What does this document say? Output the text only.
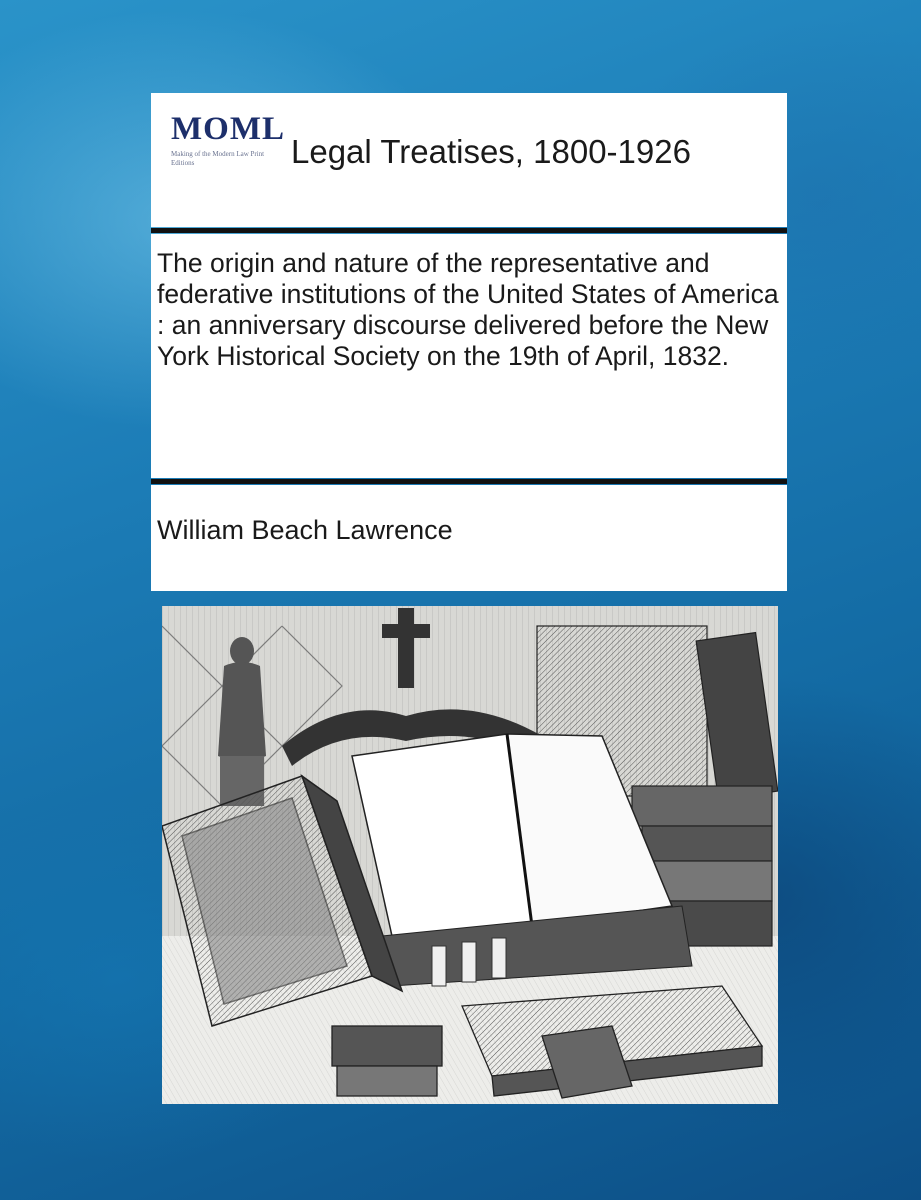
MOML
Making of the Modern Law Print Editions	Legal Treatises, 1800-1926
The origin and nature of the representative and federative institutions of the United States of America : an anniversary discourse delivered before the New York Historical Society on the 19th of April, 1832.
William Beach Lawrence
